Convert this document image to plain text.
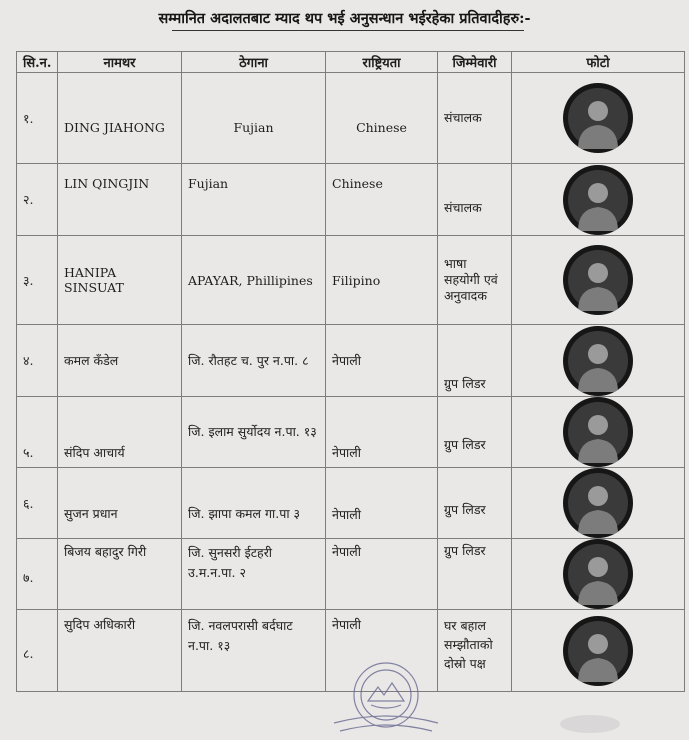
सम्मानित अदालतबाट म्याद थप भई अनुसन्धान भईरहेका प्रतिवादीहरु:-
सि.न.	नामथर	ठेगाना	राष्ट्रियता	जिम्मेवारी	फोटो
१.	DING JIAHONG	Fujian	Chinese	संचालक	

२.	LIN QINGJIN	Fujian	Chinese	संचालक	

३.	HANIPA SINSUAT	APAYAR, Phillipines	Filipino	भाषा सहयोगी एवं अनुवादक	

४.	कमल कँडेल	जि. रौतहट च. पुर न.पा. ८	नेपाली	ग्रुप लिडर	

५.	संदिप आचार्य	जि. इलाम सुर्योदय न.पा. १३	नेपाली	ग्रुप लिडर	

६.	सुजन प्रधान	जि. झापा कमल गा.पा ३	नेपाली	ग्रुप लिडर	

७.	बिजय बहादुर गिरी	जि. सुनसरी ईटहरी उ.म.न.पा. २	नेपाली	ग्रुप लिडर	

८.	सुदिप अधिकारी	जि. नवलपरासी बर्दघाट न.पा. १३	नेपाली	घर बहाल सम्झौताको दोस्रो पक्ष	
